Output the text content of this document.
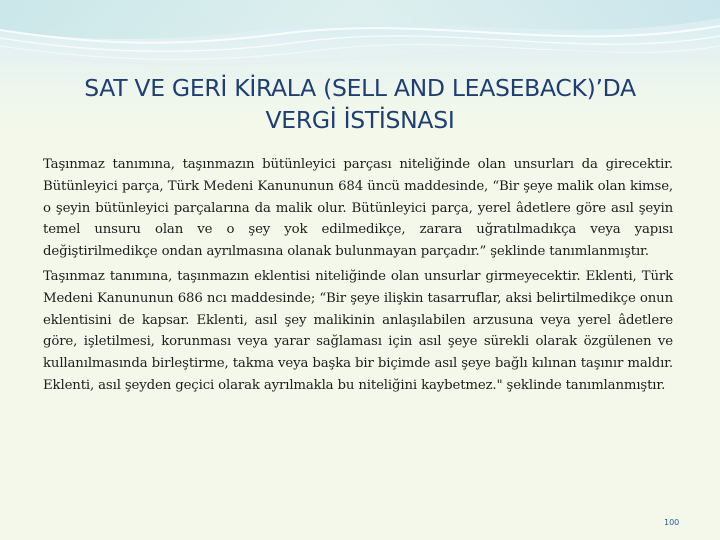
SAT VE GERİ KİRALA (SELL AND LEASEBACK)’DA
VERGİ İSTİSNASI

Taşınmaz tanımına, taşınmazın bütünleyici parçası niteliğinde olan unsurları da girecektir. Bütünleyici parça, Türk Medeni Kanununun 684 üncü maddesinde, “Bir şeye malik olan kimse, o şeyin bütünleyici parçalarına da malik olur. Bütünleyici parça, yerel âdetlere göre asıl şeyin temel unsuru olan ve o şey yok edilmedikçe, zarara uğratılmadıkça veya yapısı değiştirilmedikçe ondan ayrılmasına olanak bulunmayan parçadır.” şeklinde tanımlanmıştır.

Taşınmaz tanımına, taşınmazın eklentisi niteliğinde olan unsurlar girmeyecektir. Eklenti, Türk Medeni Kanununun 686 ncı maddesinde; “Bir şeye ilişkin tasarruflar, aksi belirtilmedikçe onun eklentisini de kapsar. Eklenti, asıl şey malikinin anlaşılabilen arzusuna veya yerel âdetlere göre, işletilmesi, korunması veya yarar sağlaması için asıl şeye sürekli olarak özgülenen ve kullanılmasında birleştirme, takma veya başka bir biçimde asıl şeye bağlı kılınan taşınır maldır. Eklenti, asıl şeyden geçici olarak ayrılmakla bu niteliğini kaybetmez." şeklinde tanımlanmıştır.

100
